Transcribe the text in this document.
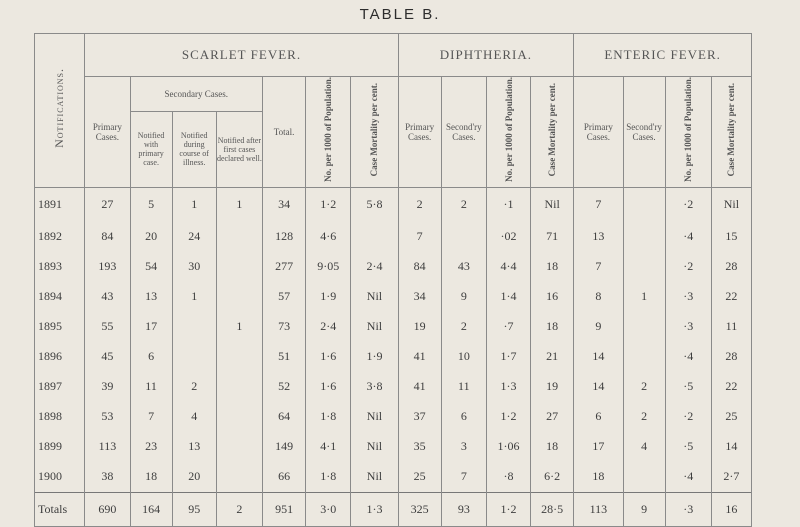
TABLE B.
Notifications.	SCARLET FEVER.							DIPHTHERIA.				ENTERIC FEVER.			
	Primary Cases.	Secondary Cases.			Total.	No. per 1000 of Population.	Case Mortality per cent.	Primary Cases.	Second'ry Cases.	No. per 1000 of Population.	Case Mortality per cent.	Primary Cases.	Second'ry Cases.	No. per 1000 of Population.	Case Mortality per cent.
		Notified with primary case.	Notified during course of illness.	Notified after first cases declared well.											
1891	27	5	1	1	34	1·2	5·8	2	2	·1	Nil	7		·2	Nil
1892	84	20	24		128	4·6		7		·02	71	13		·4	15
1893	193	54	30		277	9·05	2·4	84	43	4·4	18	7		·2	28
1894	43	13	1		57	1·9	Nil	34	9	1·4	16	8	1	·3	22
1895	55	17		1	73	2·4	Nil	19	2	·7	18	9		·3	11
1896	45	6			51	1·6	1·9	41	10	1·7	21	14		·4	28
1897	39	11	2		52	1·6	3·8	41	11	1·3	19	14	2	·5	22
1898	53	7	4		64	1·8	Nil	37	6	1·2	27	6	2	·2	25
1899	113	23	13		149	4·1	Nil	35	3	1·06	18	17	4	·5	14
1900	38	18	20		66	1·8	Nil	25	7	·8	6·2	18		·4	2·7
Totals	690	164	95	2	951	3·0	1·3	325	93	1·2	28·5	113	9	·3	16
